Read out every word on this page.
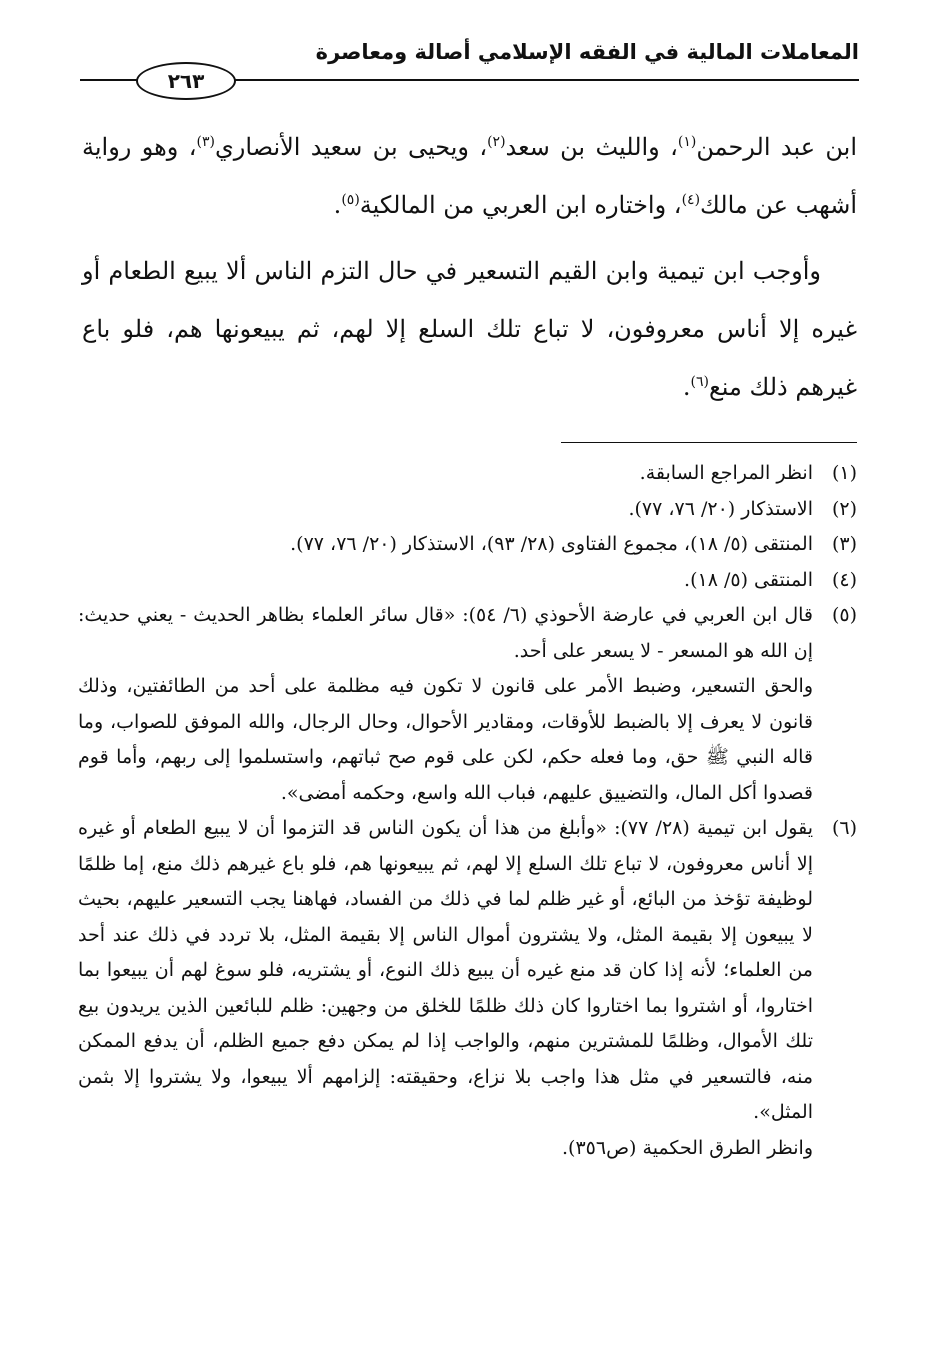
المعاملات المالية في الفقه الإسلامي أصالة ومعاصرة
٢٦٣

ابن عبد الرحمن$^{(١)}$، والليث بن سعد$^{(٢)}$، ويحيى بن سعيد الأنصاري$^{(٣)}$، وهو رواية أشهب عن مالك$^{(٤)}$، واختاره ابن العربي من المالكية$^{(٥)}$.

وأوجب ابن تيمية وابن القيم التسعير في حال التزم الناس ألا يبيع الطعام أو غيره إلا أناس معروفون، لا تباع تلك السلع إلا لهم، ثم يبيعونها هم، فلو باع غيرهم ذلك منع$^{(٦)}$.

(١)

انظر المراجع السابقة.

(٢)

الاستذكار (٢٠/ ٧٦، ٧٧).

(٣)

المنتقى (٥/ ١٨)، مجموع الفتاوى (٢٨/ ٩٣)، الاستذكار (٢٠/ ٧٦، ٧٧).

(٤)

المنتقى (٥/ ١٨).

(٥)

قال ابن العربي في عارضة الأحوذي (٦/ ٥٤): «قال سائر العلماء بظاهر الحديث - يعني حديث: إن الله هو المسعر - لا يسعر على أحد.

والحق التسعير، وضبط الأمر على قانون لا تكون فيه مظلمة على أحد من الطائفتين، وذلك قانون لا يعرف إلا بالضبط للأوقات، ومقادير الأحوال، وحال الرجال، والله الموفق للصواب، وما قاله النبي ﷺ حق، وما فعله حكم، لكن على قوم صح ثباتهم، واستسلموا إلى ربهم، وأما قوم قصدوا أكل المال، والتضييق عليهم، فباب الله واسع، وحكمه أمضى».

(٦)

يقول ابن تيمية (٢٨/ ٧٧): «وأبلغ من هذا أن يكون الناس قد التزموا أن لا يبيع الطعام أو غيره إلا أناس معروفون، لا تباع تلك السلع إلا لهم، ثم يبيعونها هم، فلو باع غيرهم ذلك منع، إما ظلمًا لوظيفة تؤخذ من البائع، أو غير ظلم لما في ذلك من الفساد، فهاهنا يجب التسعير عليهم، بحيث لا يبيعون إلا بقيمة المثل، ولا يشترون أموال الناس إلا بقيمة المثل، بلا تردد في ذلك عند أحد من العلماء؛ لأنه إذا كان قد منع غيره أن يبيع ذلك النوع، أو يشتريه، فلو سوغ لهم أن يبيعوا بما اختاروا، أو اشتروا بما اختاروا كان ذلك ظلمًا للخلق من وجهين: ظلم للبائعين الذين يريدون بيع تلك الأموال، وظلمًا للمشترين منهم، والواجب إذا لم يمكن دفع جميع الظلم، أن يدفع الممكن منه، فالتسعير في مثل هذا واجب بلا نزاع، وحقيقته: إلزامهم ألا يبيعوا، ولا يشتروا إلا بثمن المثل».

وانظر الطرق الحكمية (ص٣٥٦).
